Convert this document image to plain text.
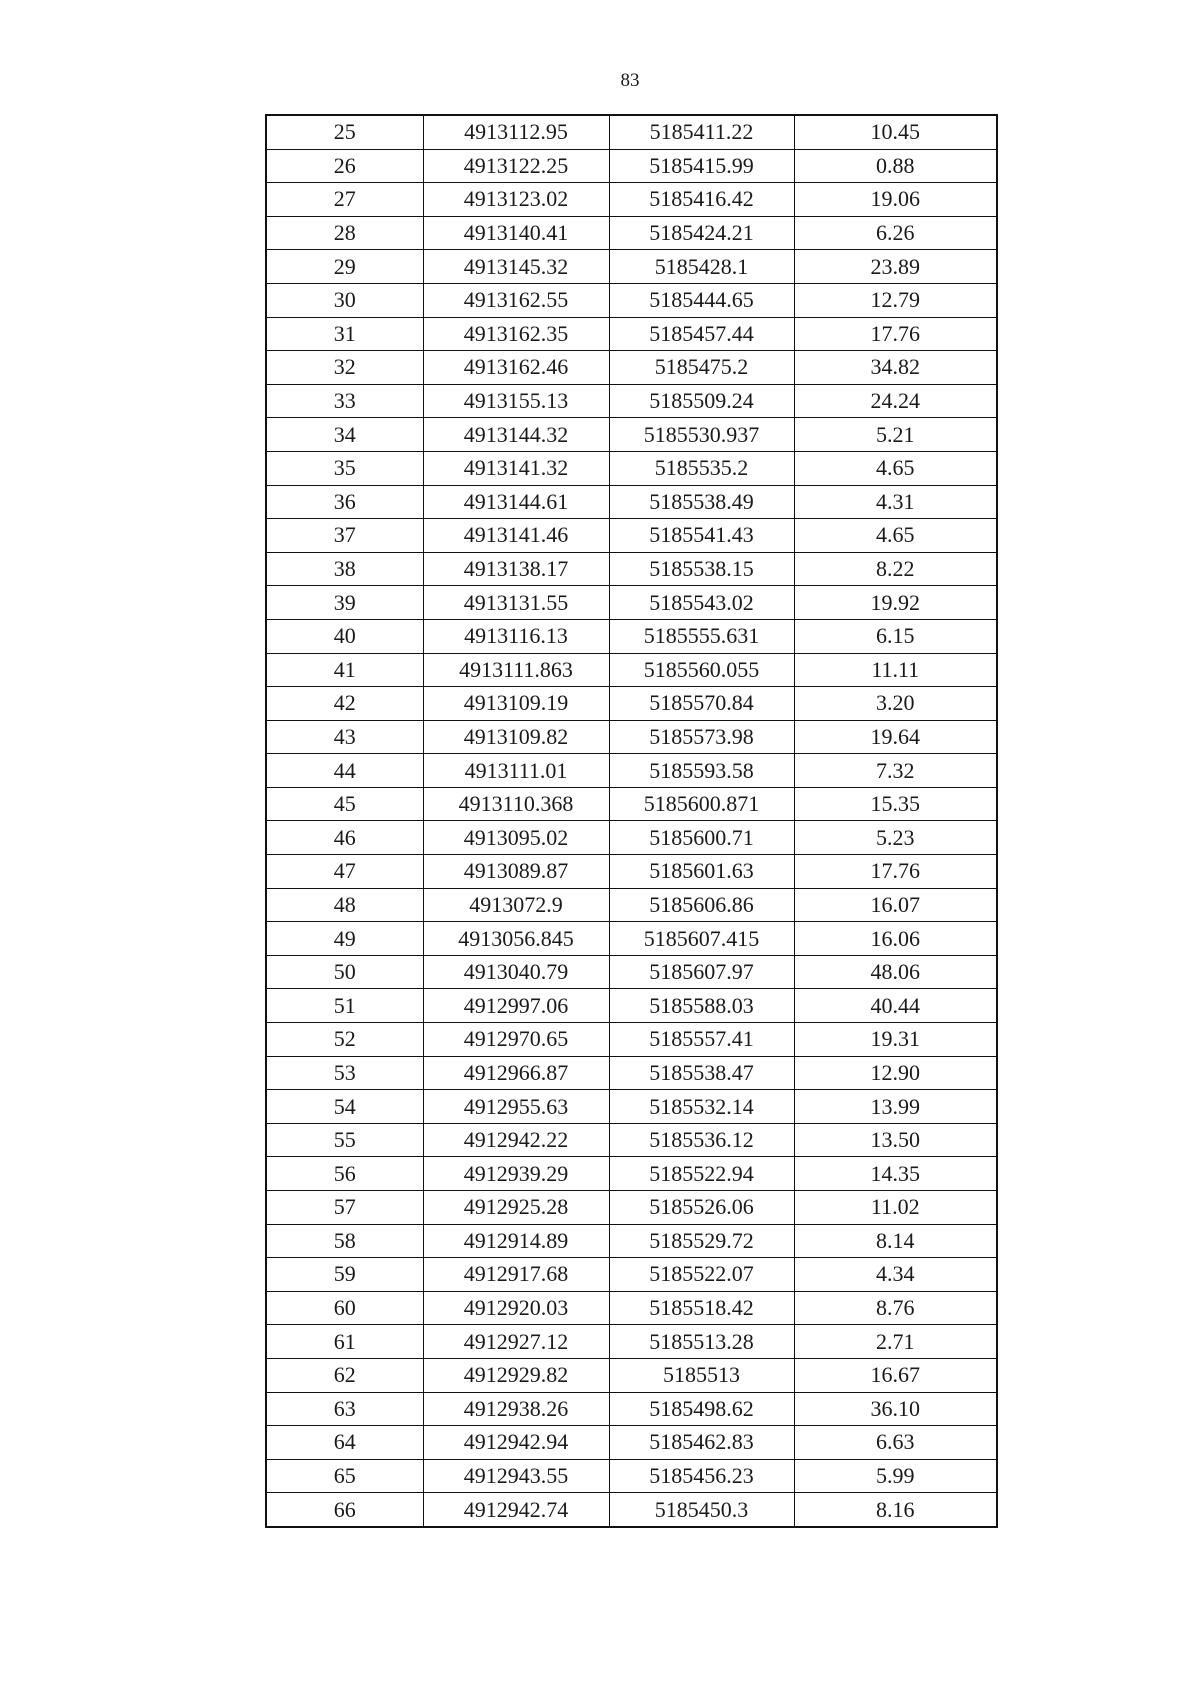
83
25	4913112.95	5185411.22	10.45
26	4913122.25	5185415.99	0.88
27	4913123.02	5185416.42	19.06
28	4913140.41	5185424.21	6.26
29	4913145.32	5185428.1	23.89
30	4913162.55	5185444.65	12.79
31	4913162.35	5185457.44	17.76
32	4913162.46	5185475.2	34.82
33	4913155.13	5185509.24	24.24
34	4913144.32	5185530.937	5.21
35	4913141.32	5185535.2	4.65
36	4913144.61	5185538.49	4.31
37	4913141.46	5185541.43	4.65
38	4913138.17	5185538.15	8.22
39	4913131.55	5185543.02	19.92
40	4913116.13	5185555.631	6.15
41	4913111.863	5185560.055	11.11
42	4913109.19	5185570.84	3.20
43	4913109.82	5185573.98	19.64
44	4913111.01	5185593.58	7.32
45	4913110.368	5185600.871	15.35
46	4913095.02	5185600.71	5.23
47	4913089.87	5185601.63	17.76
48	4913072.9	5185606.86	16.07
49	4913056.845	5185607.415	16.06
50	4913040.79	5185607.97	48.06
51	4912997.06	5185588.03	40.44
52	4912970.65	5185557.41	19.31
53	4912966.87	5185538.47	12.90
54	4912955.63	5185532.14	13.99
55	4912942.22	5185536.12	13.50
56	4912939.29	5185522.94	14.35
57	4912925.28	5185526.06	11.02
58	4912914.89	5185529.72	8.14
59	4912917.68	5185522.07	4.34
60	4912920.03	5185518.42	8.76
61	4912927.12	5185513.28	2.71
62	4912929.82	5185513	16.67
63	4912938.26	5185498.62	36.10
64	4912942.94	5185462.83	6.63
65	4912943.55	5185456.23	5.99
66	4912942.74	5185450.3	8.16
